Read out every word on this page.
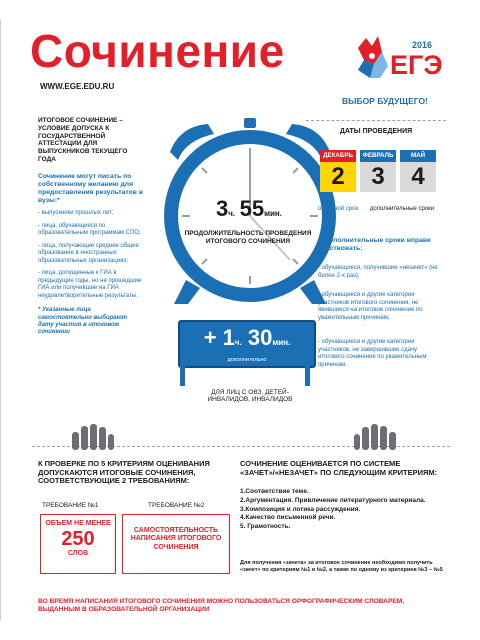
Сочинение
WWW.EGE.EDU.RU
2016
ЕГЭ
ВЫБОР БУДУЩЕГО!
ИТОГОВОЕ СОЧИНЕНИЕ – УСЛОВИЕ ДОПУСКА К ГОСУДАРСТВЕННОЙ АТТЕСТАЦИИ ДЛЯ ВЫПУСКНИКОВ ТЕКУЩЕГО ГОДА
Сочинение могут писать по собственному желанию для предоставления результатов в вузы:*
- выпускники прошлых лет;
- лица, обучающиеся по образовательным программам СПО;
- лица, получающие среднее общее образование в иностранных образовательных организациях;
- лица, допущенные к ГИА в предыдущие годы, но не прошедшие ГИА или получившие на ГИА неудовлетворительные результаты.
* Указанные лица самостоятельно выбирают дату участия в итоговом сочинении
3ч. 55мин.
ПРОДОЛЖИТЕЛЬНОСТЬ ПРОВЕДЕНИЯ ИТОГОВОГО СОЧИНЕНИЯ
+ 1ч. 30мин.
дополнительно
ДЛЯ ЛИЦ С ОВЗ, ДЕТЕЙ-ИНВАЛИДОВ, ИНВАЛИДОВ
ДАТЫ ПРОВЕДЕНИЯ
ДЕКАБРЬ
2
ФЕВРАЛЬ
3
МАЙ
4
основной срок	дополнительные сроки
В дополнительные сроки вправе участвовать:
- обучающиеся, получившие «незачет» (не более 2-х раз);
- обучающиеся и другие категории участников итогового сочинения, не явившиеся на итоговое сочинение по уважительным причинам;
- обучающиеся и другие категории участников, не завершившие сдачу итогового сочинения по уважительным причинам.
К ПРОВЕРКЕ ПО 5 КРИТЕРИЯМ ОЦЕНИВАНИЯ ДОПУСКАЮТСЯ ИТОГОВЫЕ СОЧИНЕНИЯ, СООТВЕТСТВУЮЩИЕ 2 ТРЕБОВАНИЯМ:
ТРЕБОВАНИЕ №1	ТРЕБОВАНИЕ №2
ОБЪЕМ НЕ МЕНЕЕ
250
СЛОВ
САМОСТОЯТЕЛЬНОСТЬ НАПИСАНИЯ ИТОГОВОГО СОЧИНЕНИЯ
СОЧИНЕНИЕ ОЦЕНИВАЕТСЯ ПО СИСТЕМЕ «ЗАЧЕТ»/«НЕЗАЧЕТ» ПО СЛЕДУЮЩИМ КРИТЕРИЯМ:
1.Соответствие теме.
2.Аргументация. Привлечение литературного материала.
3.Композиция и логика рассуждения.
4.Качество письменной речи.
5. Грамотность.
Для получения «зачета» за итоговое сочинение необходимо получить «зачет» по критериям №1 и №2, а также по одному из критериев №3 – №5
ВО ВРЕМЯ НАПИСАНИЯ ИТОГОВОГО СОЧИНЕНИЯ МОЖНО ПОЛЬЗОВАТЬСЯ ОРФОГРАФИЧЕСКИМ СЛОВАРЕМ, ВЫДАННЫМ В ОБРАЗОВАТЕЛЬНОЙ ОРГАНИЗАЦИИ
